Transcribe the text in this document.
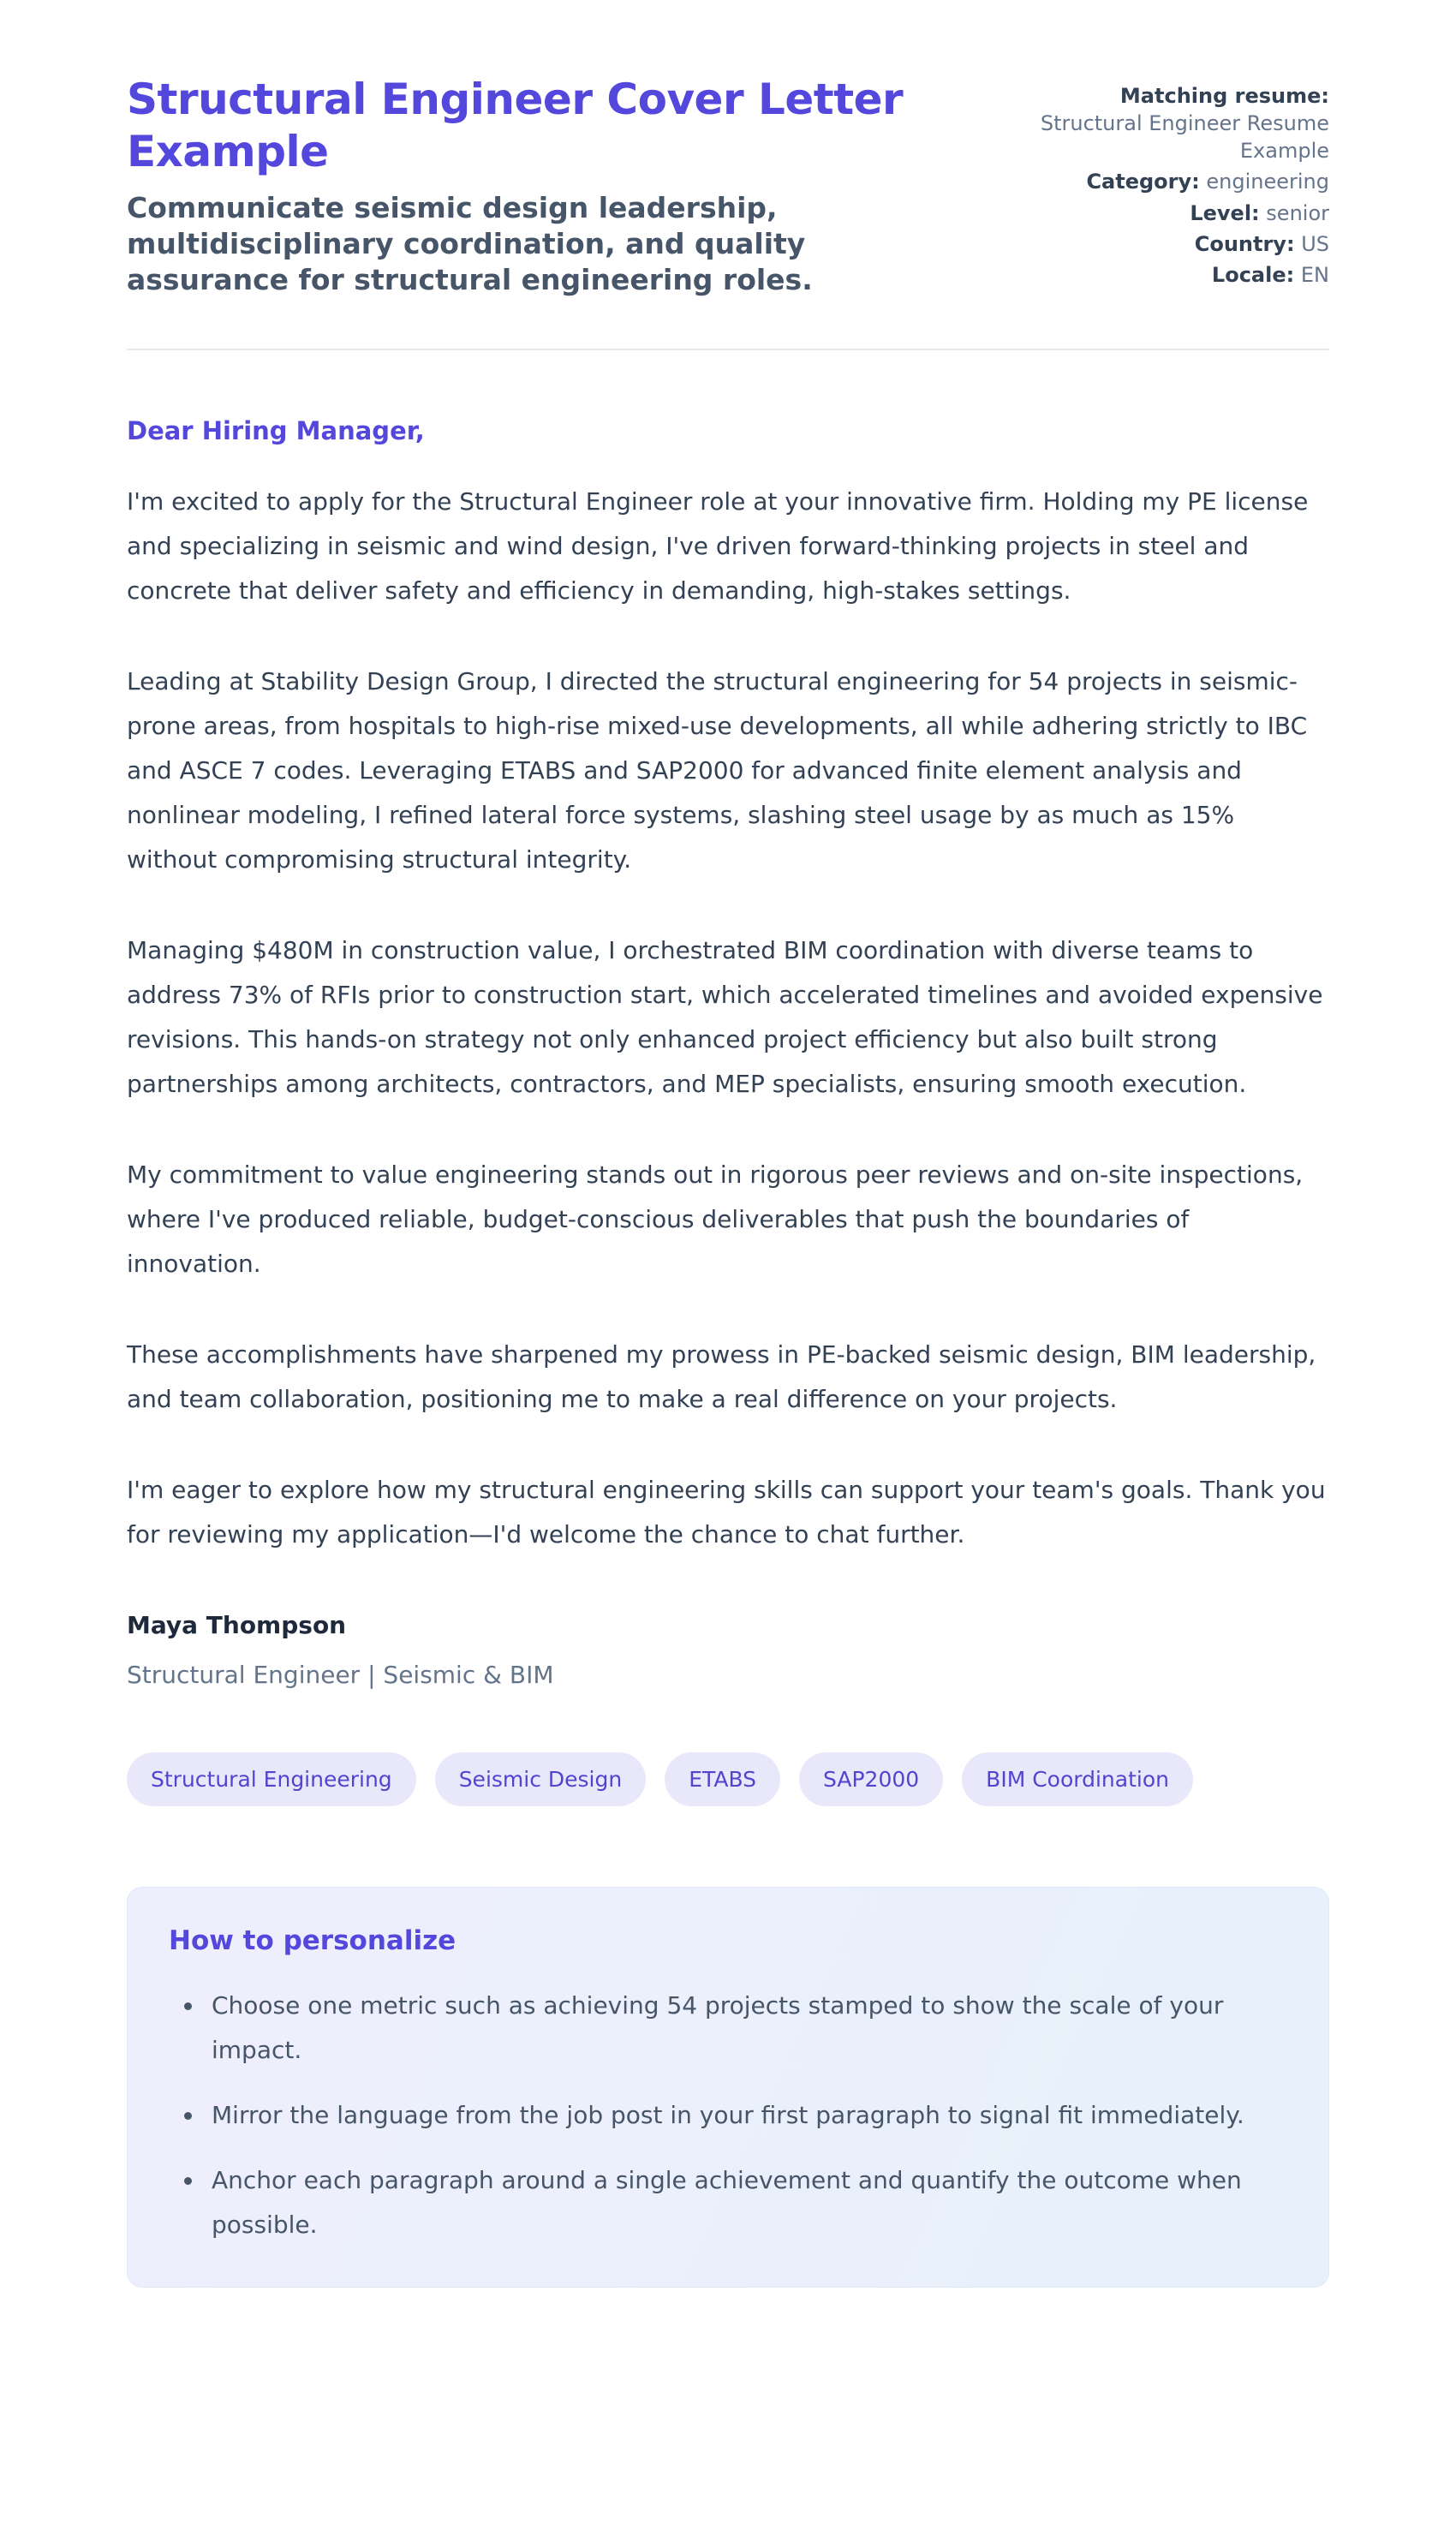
Structural Engineer Cover Letter Example

Communicate seismic design leadership, multidisciplinary coordination, and quality assurance for structural engineering roles.

Matching resume: Structural Engineer Resume Example
Category: engineering
Level: senior
Country: US
Locale: EN

Dear Hiring Manager,

I'm excited to apply for the Structural Engineer role at your innovative firm. Holding my PE license and specializing in seismic and wind design, I've driven forward-thinking projects in steel and concrete that deliver safety and efficiency in demanding, high-stakes settings.

Leading at Stability Design Group, I directed the structural engineering for 54 projects in seismic-prone areas, from hospitals to high-rise mixed-use developments, all while adhering strictly to IBC and ASCE 7 codes. Leveraging ETABS and SAP2000 for advanced finite element analysis and nonlinear modeling, I refined lateral force systems, slashing steel usage by as much as 15% without compromising structural integrity.

Managing $480M in construction value, I orchestrated BIM coordination with diverse teams to address 73% of RFIs prior to construction start, which accelerated timelines and avoided expensive revisions. This hands-on strategy not only enhanced project efficiency but also built strong partnerships among architects, contractors, and MEP specialists, ensuring smooth execution.

My commitment to value engineering stands out in rigorous peer reviews and on-site inspections, where I've produced reliable, budget-conscious deliverables that push the boundaries of innovation.

These accomplishments have sharpened my prowess in PE-backed seismic design, BIM leadership, and team collaboration, positioning me to make a real difference on your projects.

I'm eager to explore how my structural engineering skills can support your team's goals. Thank you for reviewing my application—I'd welcome the chance to chat further.

Maya Thompson

Structural Engineer | Seismic & BIM

Structural Engineering	Seismic Design	ETABS	SAP2000	BIM Coordination
How to personalize
• Choose one metric such as achieving 54 projects stamped to show the scale of your impact.
• Mirror the language from the job post in your first paragraph to signal fit immediately.
• Anchor each paragraph around a single achievement and quantify the outcome when possible.
